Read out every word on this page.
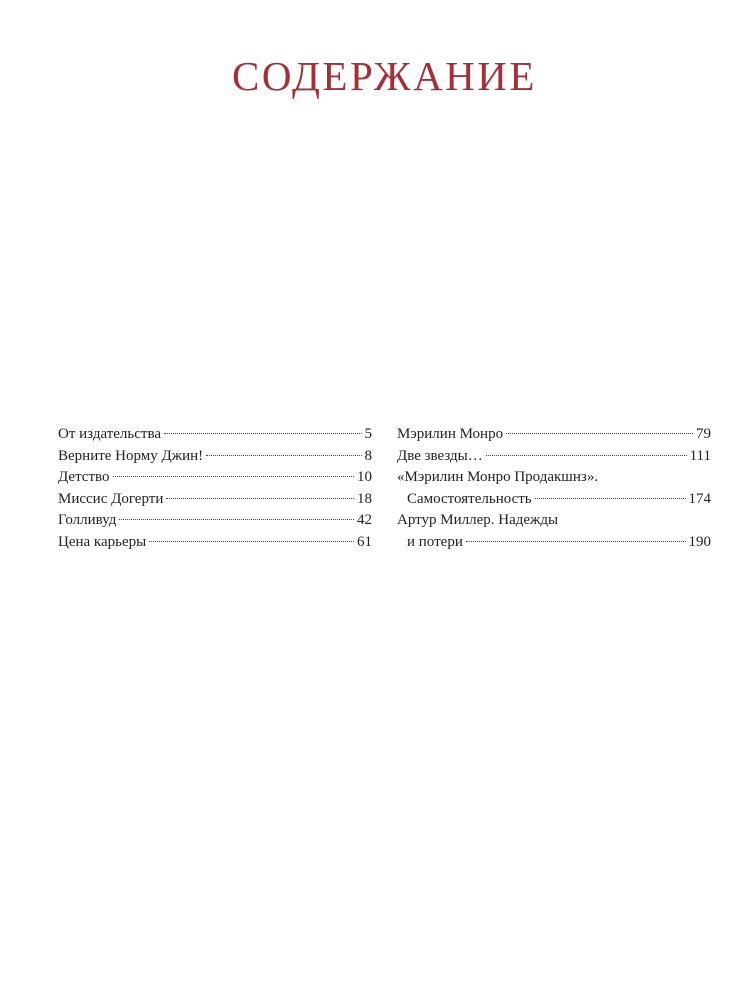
СОДЕРЖАНИЕ
От издательства	5
Верните Норму Джин!	8
Детство	10
Миссис Догерти	18
Голливуд	42
Цена карьеры	61
Мэрилин Монро	79
Две звезды…	111
«Мэрилин Монро Продакшнз».
Самостоятельность	174
Артур Миллер. Надежды
и потери	190
